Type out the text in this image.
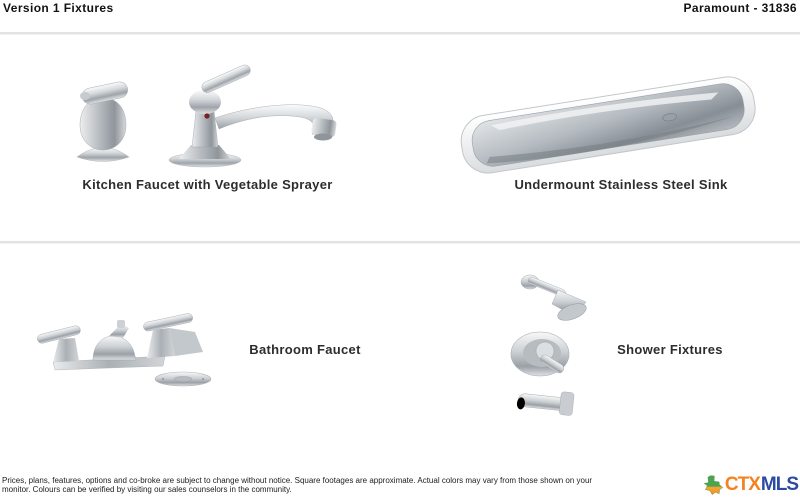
Version 1 Fixtures	Paramount - 31836
Kitchen Faucet with Vegetable Sprayer	Undermount Stainless Steel Sink
Bathroom Faucet	Shower Fixtures
Prices, plans, features, options and co-broke are subject to change without notice. Square footages are approximate. Actual colors may vary from those shown on your
monitor. Colours can be verified by visiting our sales counselors in the community.	CTX MLS
